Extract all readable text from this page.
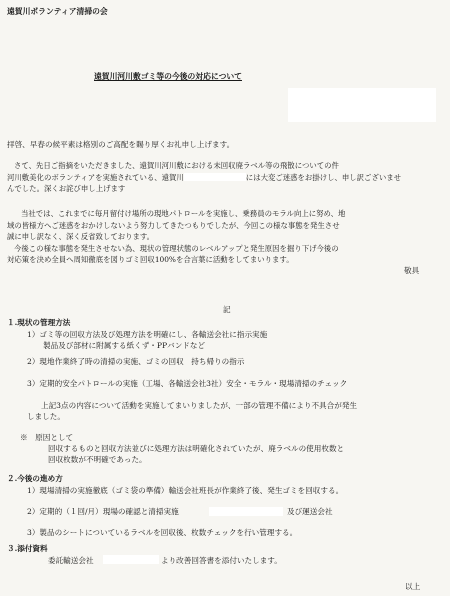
遠賀川ボランティア清掃の会
遠賀川河川敷ゴミ等の今後の対応について
拝啓、早春の候平素は格別のご高配を賜り厚くお礼申し上げます。
さて、先日ご指摘をいただきました、遠賀川河川敷における未回収廃ラベル等の飛散についての件
河川敷美化のボランティアを実施されている、遠賀川	には大変ご迷惑をお掛けし、申し訳ございませ
んでした。深くお詫び申し上げます
当社では、これまでに毎月留付け場所の現地パトロールを実施し、乗務員のモラル向上に努め、地
域の皆様方へご迷惑をおかけしないよう努力してきたつもりでしたが、今回この様な事態を発生させ
誠に申し訳なく、深く反省致しております。
今後この様な事態を発生させない為、現状の管理状態のレベルアップと発生原因を掘り下げ今後の
対応策を決め全員へ周知徹底を図りゴミ回収100%を合言葉に活動をしてまいります。
敬具
記
１.現状の管理方法
1）ゴミ等の回収方法及び処理方法を明確にし、各輸送会社に指示実施
製品及び部材に附属する紙くず・PPバンドなど
2）現地作業終了時の清掃の実施、ゴミの回収　持ち帰りの指示
3）定期的安全パトロールの実施（工場、各輸送会社3社）安全・モラル・現場清掃のチェック
上記3点の内容について活動を実施してまいりましたが、一部の管理不備により不具合が発生
しました。
※　原因として
回収するものと回収方法並びに処理方法は明確化されていたが、廃ラベルの使用枚数と
回収枚数が不明確であった。
２.今後の進め方
1）現場清掃の実施徹底（ゴミ袋の準備）輸送会社班長が作業終了後、発生ゴミを回収する。
2）定期的（１回/月）現場の確認と清掃実施	及び運送会社
3）製品のシートについているラベルを回収後、枚数チェックを行い管理する。
３.添付資料
委託輸送会社	より改善回答書を添付いたします。
以上
